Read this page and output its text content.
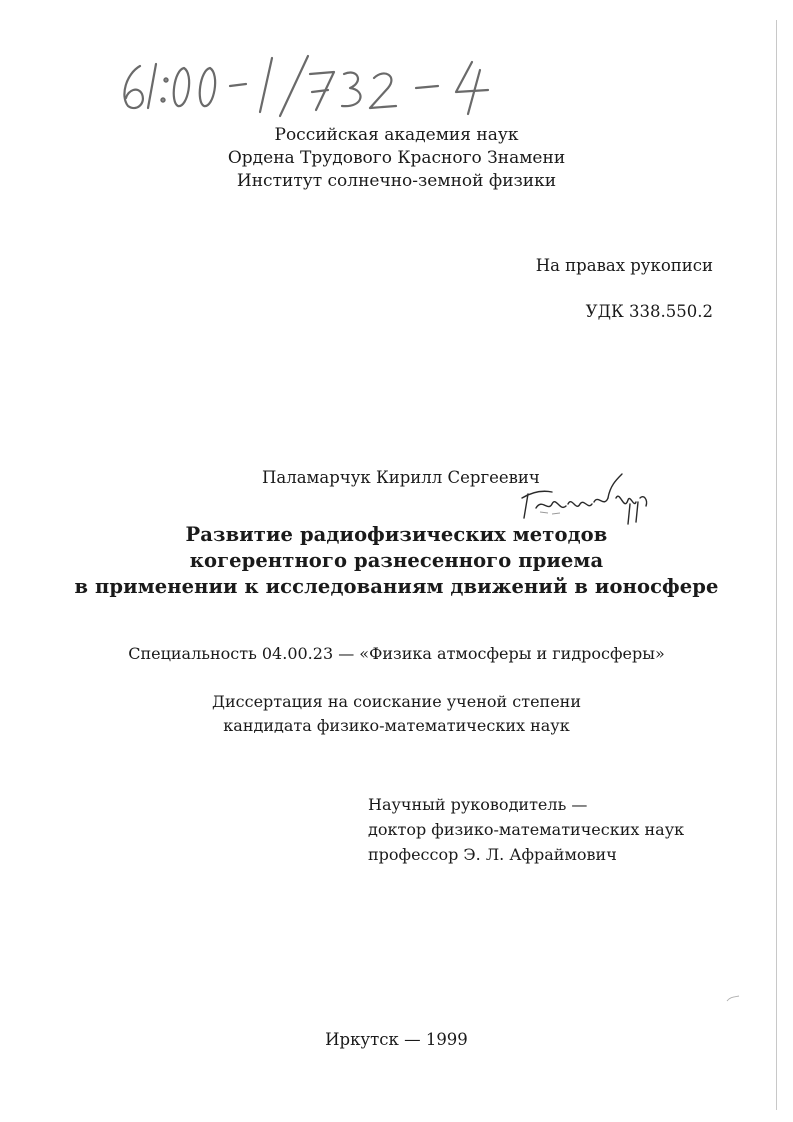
Российская академия наук
Ордена Трудового Красного Знамени
Институт солнечно-земной физики
На правах рукописи
УДК 338.550.2
Паламарчук Кирилл Сергеевич
Развитие радиофизических методов
когерентного разнесенного приема
в применении к исследованиям движений в ионосфере
Специальность 04.00.23 — «Физика атмосферы и гидросферы»
Диссертация на соискание ученой степени
кандидата физико-математических наук
Научный руководитель —
доктор физико-математических наук
профессор Э. Л. Афраймович
Иркутск — 1999
